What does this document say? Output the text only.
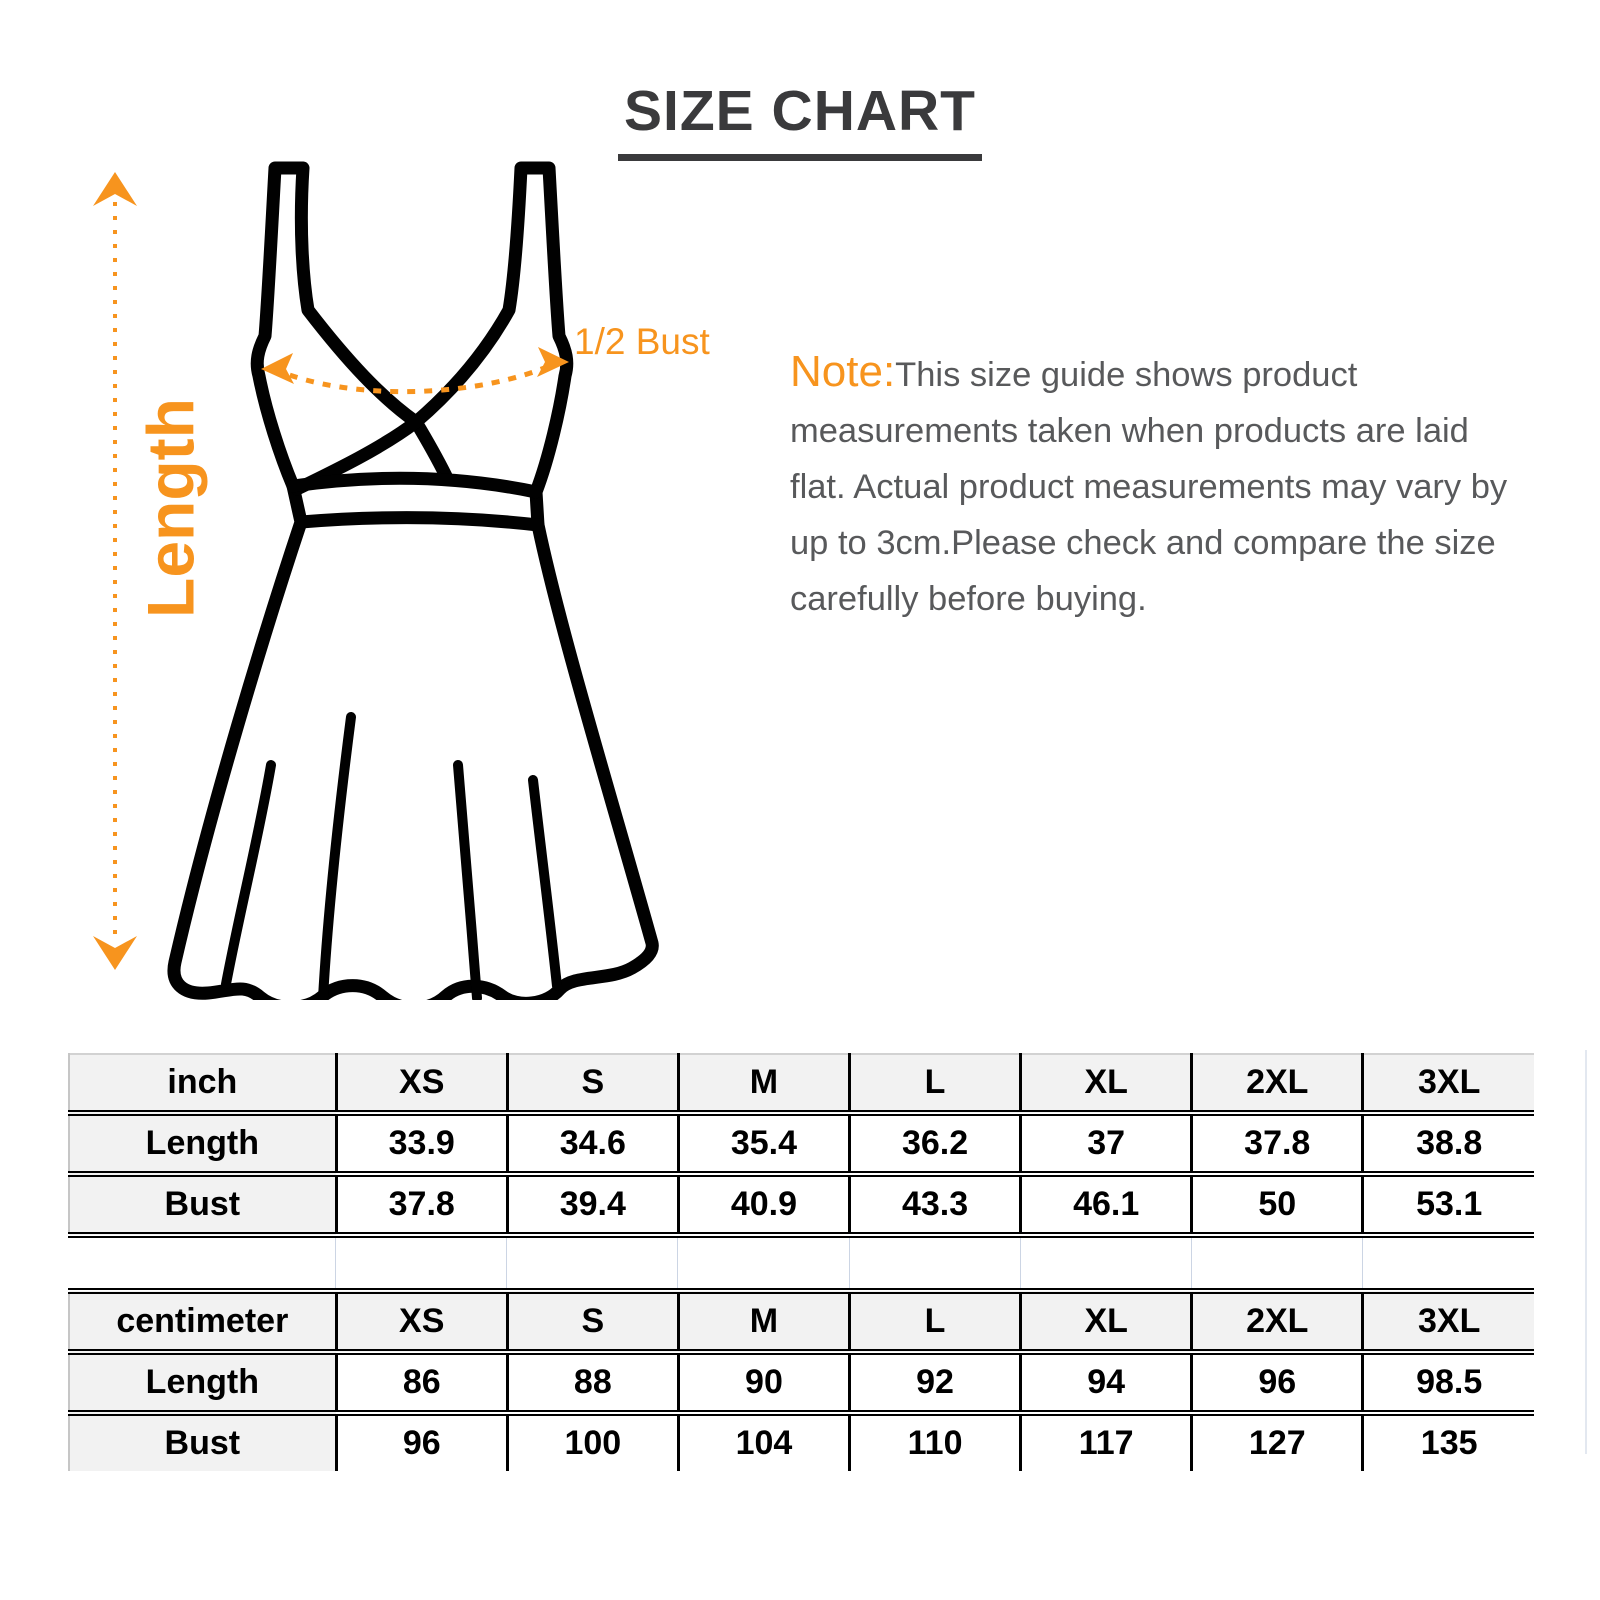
SIZE CHART
Length
1/2 Bust

Note:This size guide shows product measurements taken when products are laid flat. Actual product measurements may vary by up to 3cm.Please check and compare the size carefully before buying.

inch	XS	S	M	L	XL	2XL	3XL
Length	33.9	34.6	35.4	36.2	37	37.8	38.8
Bust	37.8	39.4	40.9	43.3	46.1	50	53.1

centimeter	XS	S	M	L	XL	2XL	3XL
Length	86	88	90	92	94	96	98.5
Bust	96	100	104	110	117	127	135
